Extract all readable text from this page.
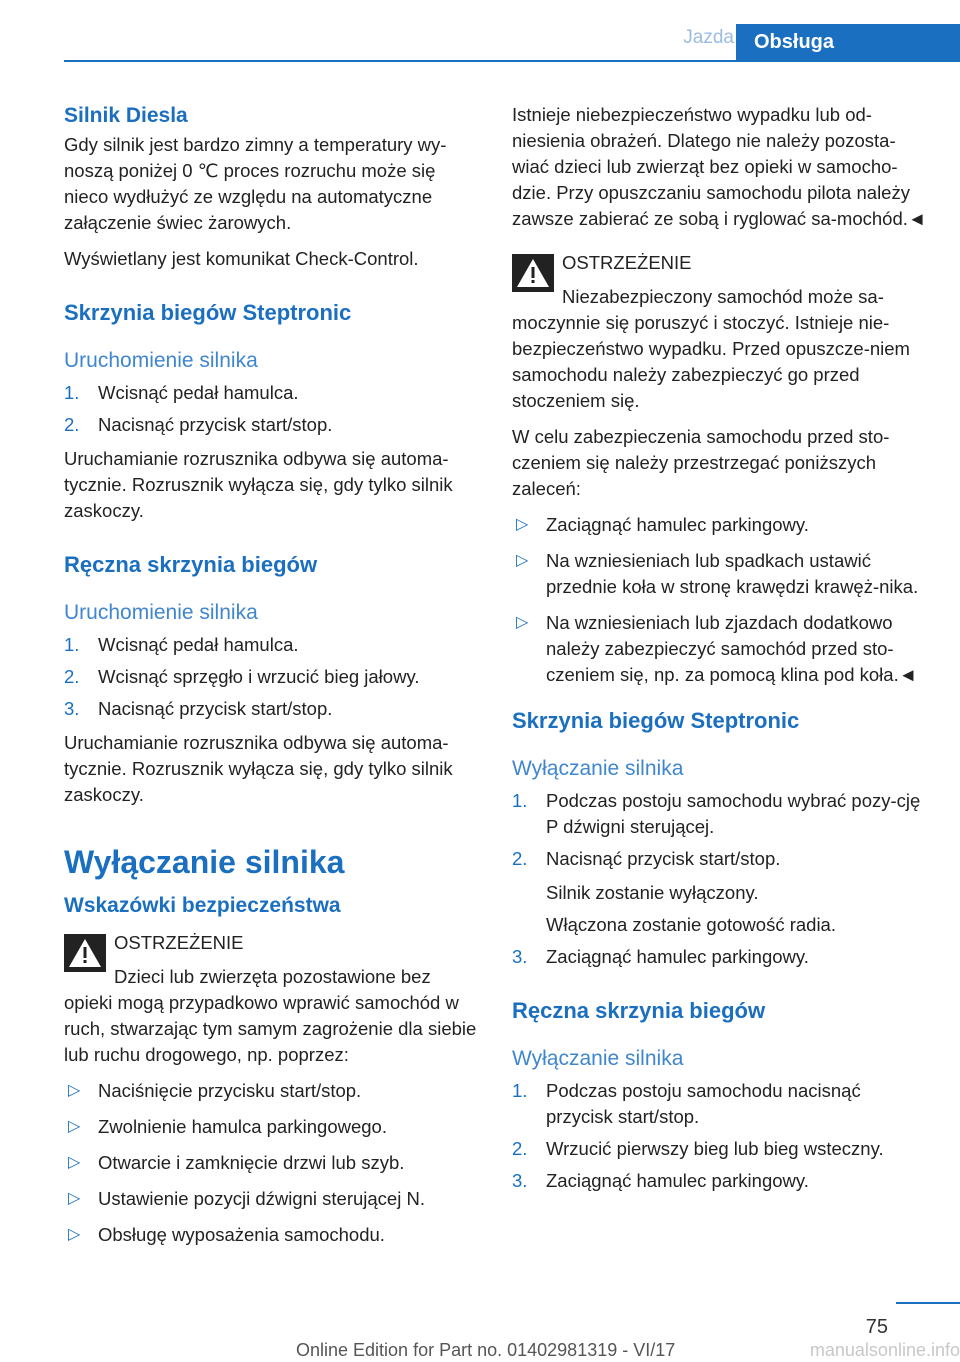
Jazda	Obsługa
Silnik Diesla

Gdy silnik jest bardzo zimny a temperatury wy‐noszą poniżej 0 ℃ proces rozruchu może się nieco wydłużyć ze względu na automatyczne załączenie świec żarowych.

Wyświetlany jest komunikat Check-Control.

Skrzynia biegów Steptronic
Uruchomienie silnika
1. Wcisnąć pedał hamulca.
2. Nacisnąć przycisk start/stop.

Uruchamianie rozrusznika odbywa się automa‐tycznie. Rozrusznik wyłącza się, gdy tylko silnik zaskoczy.

Ręczna skrzynia biegów
Uruchomienie silnika
1. Wcisnąć pedał hamulca.
2. Wcisnąć sprzęgło i wrzucić bieg jałowy.
3. Nacisnąć przycisk start/stop.

Uruchamianie rozrusznika odbywa się automa‐tycznie. Rozrusznik wyłącza się, gdy tylko silnik zaskoczy.

Wyłączanie silnika
Wskazówki bezpieczeństwa
OSTRZEŻENIE
Dzieci lub zwierzęta pozostawione bez
opieki mogą przypadkowo wprawić samochód w ruch, stwarzając tym samym zagrożenie dla siebie lub ruchu drogowego, np. poprzez:
▷ Naciśnięcie przycisku start/stop.
▷ Zwolnienie hamulca parkingowego.
▷ Otwarcie i zamknięcie drzwi lub szyb.
▷ Ustawienie pozycji dźwigni sterującej N.
▷ Obsługę wyposażenia samochodu.

Istnieje niebezpieczeństwo wypadku lub od‐niesienia obrażeń. Dlatego nie należy pozosta‐wiać dzieci lub zwierząt bez opieki w samocho‐dzie. Przy opuszczaniu samochodu pilota należy zawsze zabierać ze sobą i ryglować sa‐mochód.◄

OSTRZEŻENIE
Niezabezpieczony samochód może sa‐
moczynnie się poruszyć i stoczyć. Istnieje nie‐bezpieczeństwo wypadku. Przed opuszcze‐niem samochodu należy zabezpieczyć go przed stoczeniem się.

W celu zabezpieczenia samochodu przed sto‐czeniem się należy przestrzegać poniższych zaleceń:

▷ Zaciągnąć hamulec parkingowy.
▷ Na wzniesieniach lub spadkach ustawić przednie koła w stronę krawędzi krawęż‐nika.
▷ Na wzniesieniach lub zjazdach dodatkowo należy zabezpieczyć samochód przed sto‐czeniem się, np. za pomocą klina pod koła.◄
Skrzynia biegów Steptronic
Wyłączanie silnika
1. Podczas postoju samochodu wybrać pozy‐cję P dźwigni sterującej.
2. Nacisnąć przycisk start/stop.
Silnik zostanie wyłączony.
Włączona zostanie gotowość radia.
3. Zaciągnąć hamulec parkingowy.
Ręczna skrzynia biegów
Wyłączanie silnika
1. Podczas postoju samochodu nacisnąć przycisk start/stop.
2. Wrzucić pierwszy bieg lub bieg wsteczny.
3. Zaciągnąć hamulec parkingowy.
75
Online Edition for Part no. 01402981319 - VI/17	manualsonline.info
